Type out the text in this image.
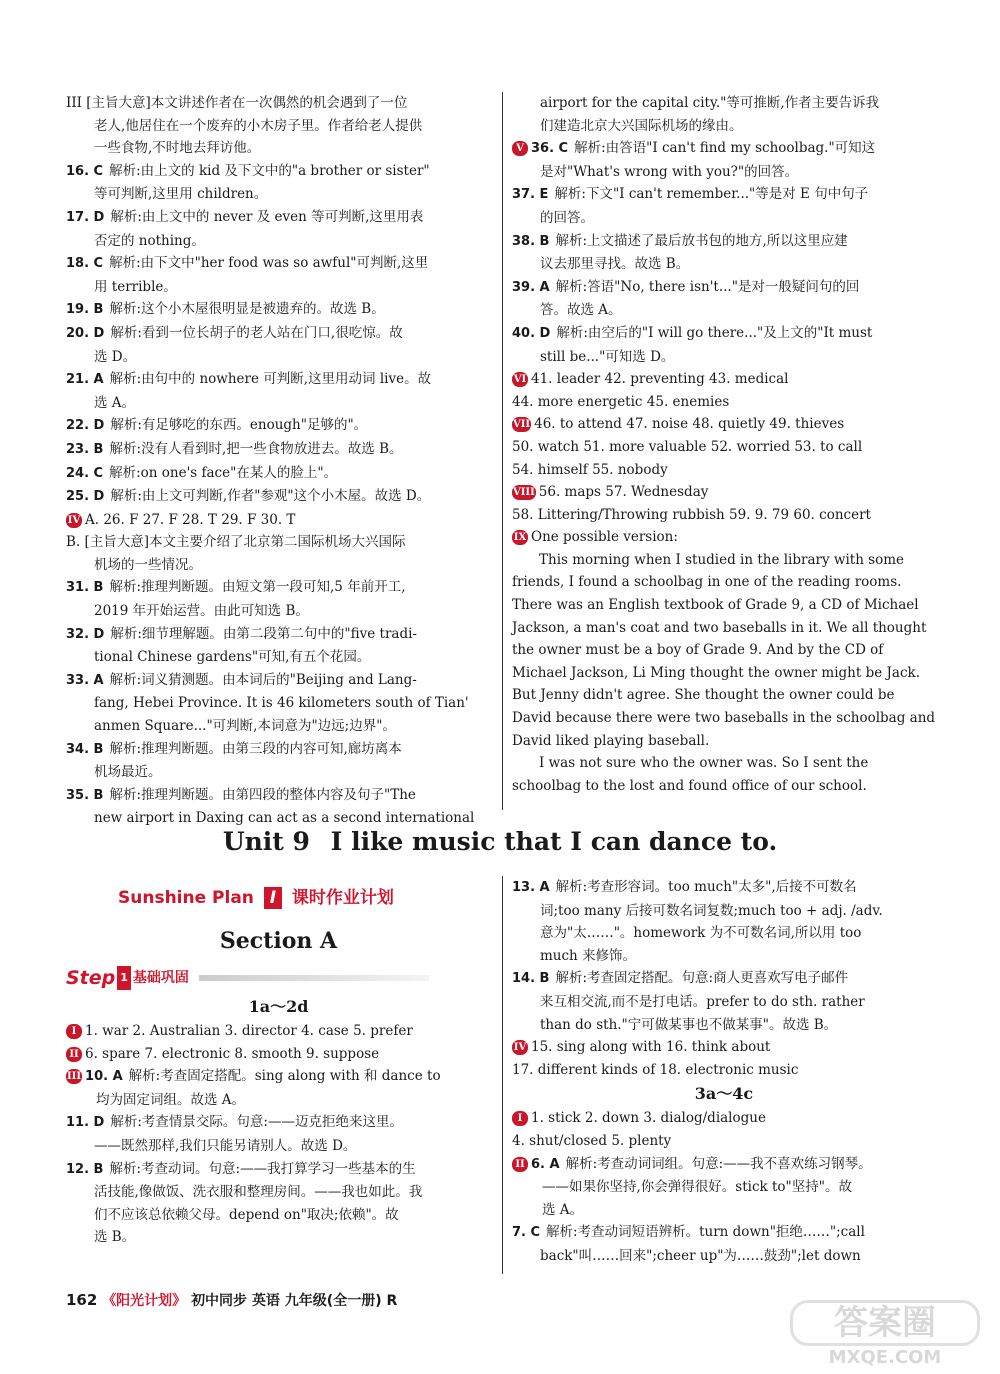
III [主旨大意]本文讲述作者在一次偶然的机会遇到了一位
老人,他居住在一个废弃的小木房子里。作者给老人提供
一些食物,不时地去拜访他。
16. C 解析:由上文的 kid 及下文中的"a brother or sister"
等可判断,这里用 children。
17. D 解析:由上文中的 never 及 even 等可判断,这里用表
否定的 nothing。
18. C 解析:由下文中"her food was so awful"可判断,这里
用 terrible。
19. B 解析:这个小木屋很明显是被遗弃的。故选 B。
20. D 解析:看到一位长胡子的老人站在门口,很吃惊。故
选 D。
21. A 解析:由句中的 nowhere 可判断,这里用动词 live。故
选 A。
22. D 解析:有足够吃的东西。enough"足够的"。
23. B 解析:没有人看到时,把一些食物放进去。故选 B。
24. C 解析:on one's face"在某人的脸上"。
25. D 解析:由上文可判断,作者"参观"这个小木屋。故选 D。
IV A. 26. F 27. F 28. T 29. F 30. T
B. [主旨大意]本文主要介绍了北京第二国际机场大兴国际
机场的一些情况。
31. B 解析:推理判断题。由短文第一段可知,5 年前开工,
2019 年开始运营。由此可知选 B。
32. D 解析:细节理解题。由第二段第二句中的"five tradi-
tional Chinese gardens"可知,有五个花园。
33. A 解析:词义猜测题。由本词后的"Beijing and Lang-
fang, Hebei Province. It is 46 kilometers south of Tian'
anmen Square..."可判断,本词意为"边远;边界"。
34. B 解析:推理判断题。由第三段的内容可知,廊坊离本
机场最近。
35. B 解析:推理判断题。由第四段的整体内容及句子"The
new airport in Daxing can act as a second international
airport for the capital city."等可推断,作者主要告诉我
们建造北京大兴国际机场的缘由。
V 36. C 解析:由答语"I can't find my schoolbag."可知这
是对"What's wrong with you?"的回答。
37. E 解析:下文"I can't remember..."等是对 E 句中句子
的回答。
38. B 解析:上文描述了最后放书包的地方,所以这里应建
议去那里寻找。故选 B。
39. A 解析:答语"No, there isn't..."是对一般疑问句的回
答。故选 A。
40. D 解析:由空后的"I will go there..."及上文的"It must
still be..."可知选 D。
VI 41. leader 42. preventing 43. medical
44. more energetic 45. enemies
VII 46. to attend 47. noise 48. quietly 49. thieves
50. watch 51. more valuable 52. worried 53. to call
54. himself 55. nobody
VIII 56. maps 57. Wednesday
58. Littering/Throwing rubbish 59. 9. 79 60. concert
IX One possible version:
This morning when I studied in the library with some friends, I found a schoolbag in one of the reading rooms. There was an English textbook of Grade 9, a CD of Michael Jackson, a man's coat and two baseballs in it. We all thought the owner must be a boy of Grade 9. And by the CD of Michael Jackson, Li Ming thought the owner might be Jack. But Jenny didn't agree. She thought the owner could be David because there were two baseballs in the schoolbag and David liked playing baseball.
I was not sure who the owner was. So I sent the schoolbag to the lost and found office of our school.
Unit 9 I like music that I can dance to.
Sunshine Plan I 课时作业计划
Section A
Step 1 基础巩固
1a～2d
I 1. war 2. Australian 3. director 4. case 5. prefer
II 6. spare 7. electronic 8. smooth 9. suppose
III 10. A 解析:考查固定搭配。sing along with 和 dance to
均为固定词组。故选 A。
11. D 解析:考查情景交际。句意:——迈克拒绝来这里。
——既然那样,我们只能另请别人。故选 D。
12. B 解析:考查动词。句意:——我打算学习一些基本的生
活技能,像做饭、洗衣服和整理房间。——我也如此。我
们不应该总依赖父母。depend on"取决;依赖"。故
选 B。
13. A 解析:考查形容词。too much"太多",后接不可数名
词;too many 后接可数名词复数;much too + adj. /adv.
意为"太……"。homework 为不可数名词,所以用 too
much 来修饰。
14. B 解析:考查固定搭配。句意:商人更喜欢写电子邮件
来互相交流,而不是打电话。prefer to do sth. rather
than do sth."宁可做某事也不做某事"。故选 B。
IV 15. sing along with 16. think about
17. different kinds of 18. electronic music
3a～4c
I 1. stick 2. down 3. dialog/dialogue
4. shut/closed 5. plenty
II 6. A 解析:考查动词词组。句意:——我不喜欢练习钢琴。
——如果你坚持,你会弹得很好。stick to"坚持"。故
选 A。
7. C 解析:考查动词短语辨析。turn down"拒绝……";call
back"叫……回来";cheer up"为……鼓劲";let down
162 《阳光计划》 初中同步 英语 九年级(全一册) R
答案圈
MXQE.COM
